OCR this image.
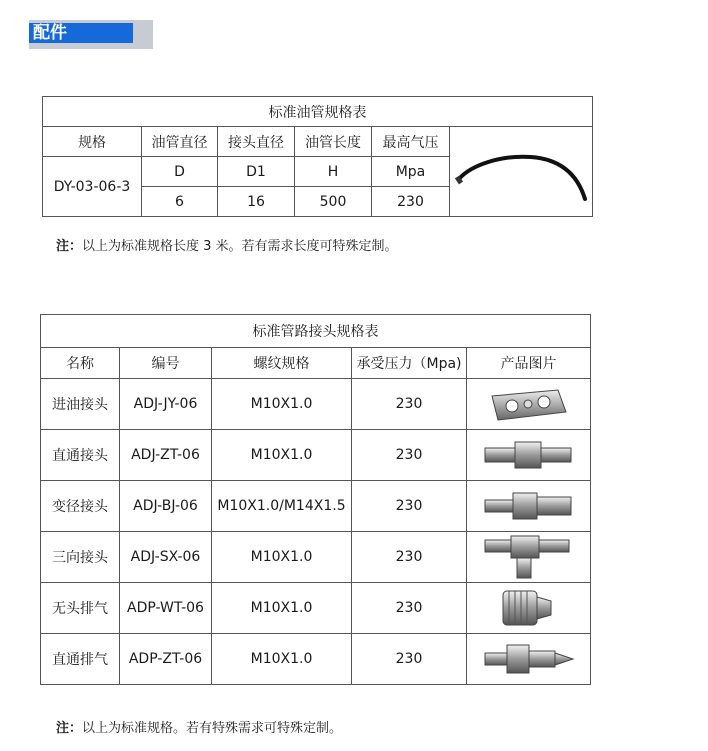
配件
标准油管规格表					
规格	油管直径	接头直径	油管长度	最高气压	

DY-03-06-3	D	D1	H	Mpa	
	6	16	500	230	
注：以上为标准规格长度 3 米。若有需求长度可特殊定制。
标准管路接头规格表				
名称	编号	螺纹规格	承受压力（Mpa)	产品图片
进油接头	ADJ-JY-06	M10X1.0	230	

直通接头	ADJ-ZT-06	M10X1.0	230	

变径接头	ADJ-BJ-06	M10X1.0/M14X1.5	230	

三向接头	ADJ-SX-06	M10X1.0	230	

无头排气	ADP-WT-06	M10X1.0	230	

直通排气	ADP-ZT-06	M10X1.0	230	
注：以上为标准规格。若有特殊需求可特殊定制。
